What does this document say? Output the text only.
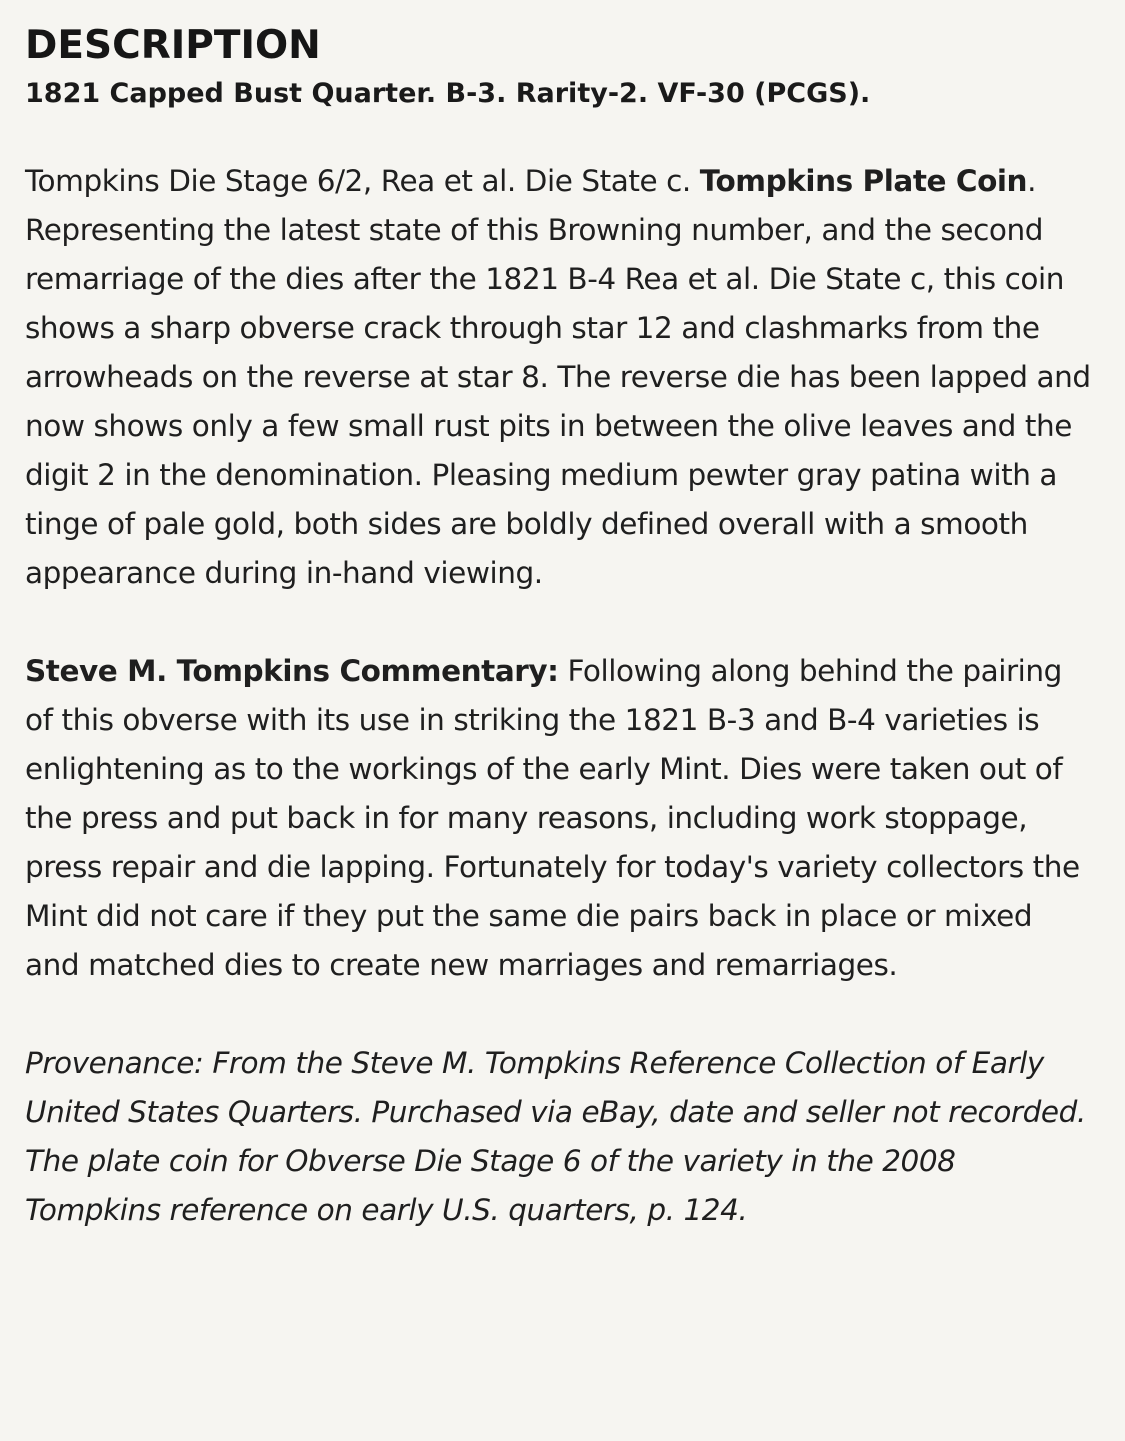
DESCRIPTION
1821 Capped Bust Quarter. B-3. Rarity-2. VF-30 (PCGS).

Tompkins Die Stage 6/2, Rea et al. Die State c. Tompkins Plate Coin. Representing the latest state of this Browning number, and the second remarriage of the dies after the 1821 B-4 Rea et al. Die State c, this coin shows a sharp obverse crack through star 12 and clashmarks from the arrowheads on the reverse at star 8. The reverse die has been lapped and now shows only a few small rust pits in between the olive leaves and the digit 2 in the denomination. Pleasing medium pewter gray patina with a tinge of pale gold, both sides are boldly defined overall with a smooth appearance during in-hand viewing.

Steve M. Tompkins Commentary: Following along behind the pairing of this obverse with its use in striking the 1821 B-3 and B-4 varieties is enlightening as to the workings of the early Mint. Dies were taken out of the press and put back in for many reasons, including work stoppage, press repair and die lapping. Fortunately for today's variety collectors the Mint did not care if they put the same die pairs back in place or mixed and matched dies to create new marriages and remarriages.

Provenance: From the Steve M. Tompkins Reference Collection of Early United States Quarters. Purchased via eBay, date and seller not recorded. The plate coin for Obverse Die Stage 6 of the variety in the 2008 Tompkins reference on early U.S. quarters, p. 124.
